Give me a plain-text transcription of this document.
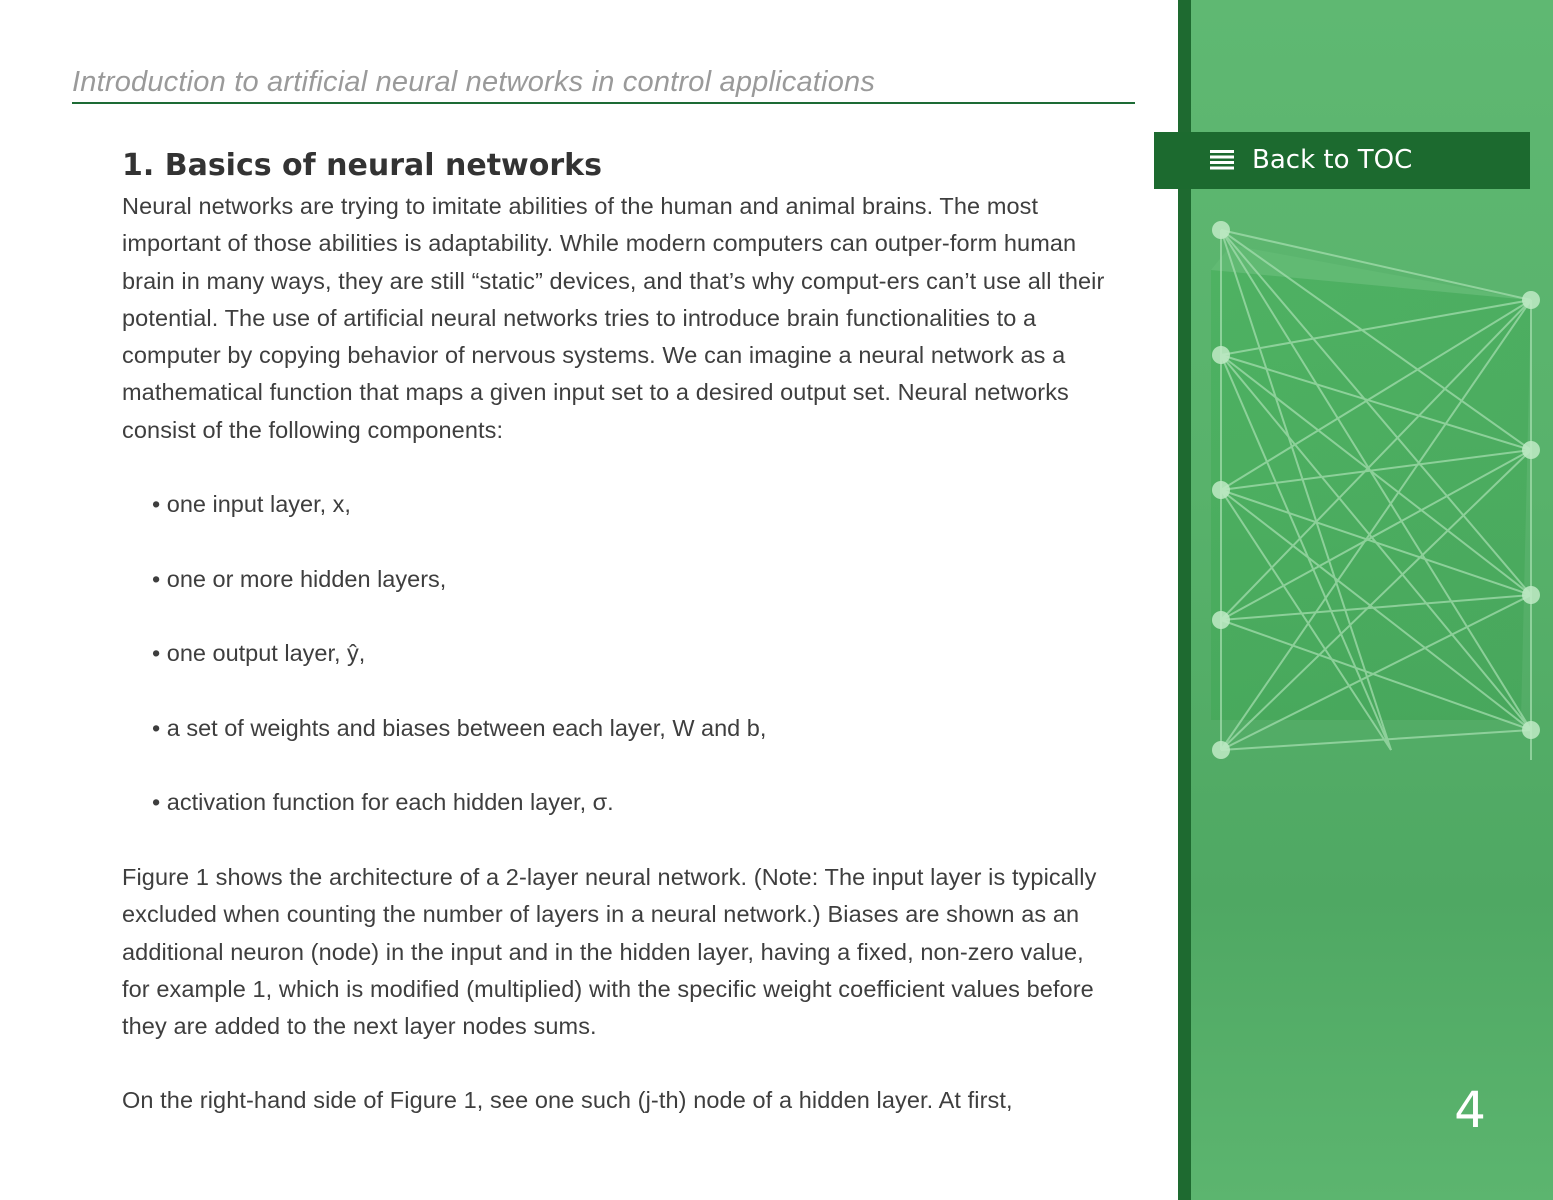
Introduction to artificial neural networks in control applications
1. Basics of neural networks

Neural networks are trying to imitate abilities of the human and animal brains. The most important of those abilities is adaptability. While modern computers can outper-form human brain in many ways, they are still “static” devices, and that’s why comput-ers can’t use all their potential. The use of artificial neural networks tries to introduce brain functionalities to a computer by copying behavior of nervous systems. We can imagine a neural network as a mathematical function that maps a given input set to a desired output set. Neural networks consist of the following components:

• one input layer, x,
• one or more hidden layers,
• one output layer, ŷ,
• a set of weights and biases between each layer, W and b,
• activation function for each hidden layer, σ.

Figure 1 shows the architecture of a 2-layer neural network. (Note: The input layer is typically excluded when counting the number of layers in a neural network.) Biases are shown as an additional neuron (node) in the input and in the hidden layer, having a fixed, non-zero value, for example 1, which is modified (multiplied) with the specific weight coefficient values before they are added to the next layer nodes sums.

On the right-hand side of Figure 1, see one such (j-th) node of a hidden layer. At first,	4
Back to TOC
